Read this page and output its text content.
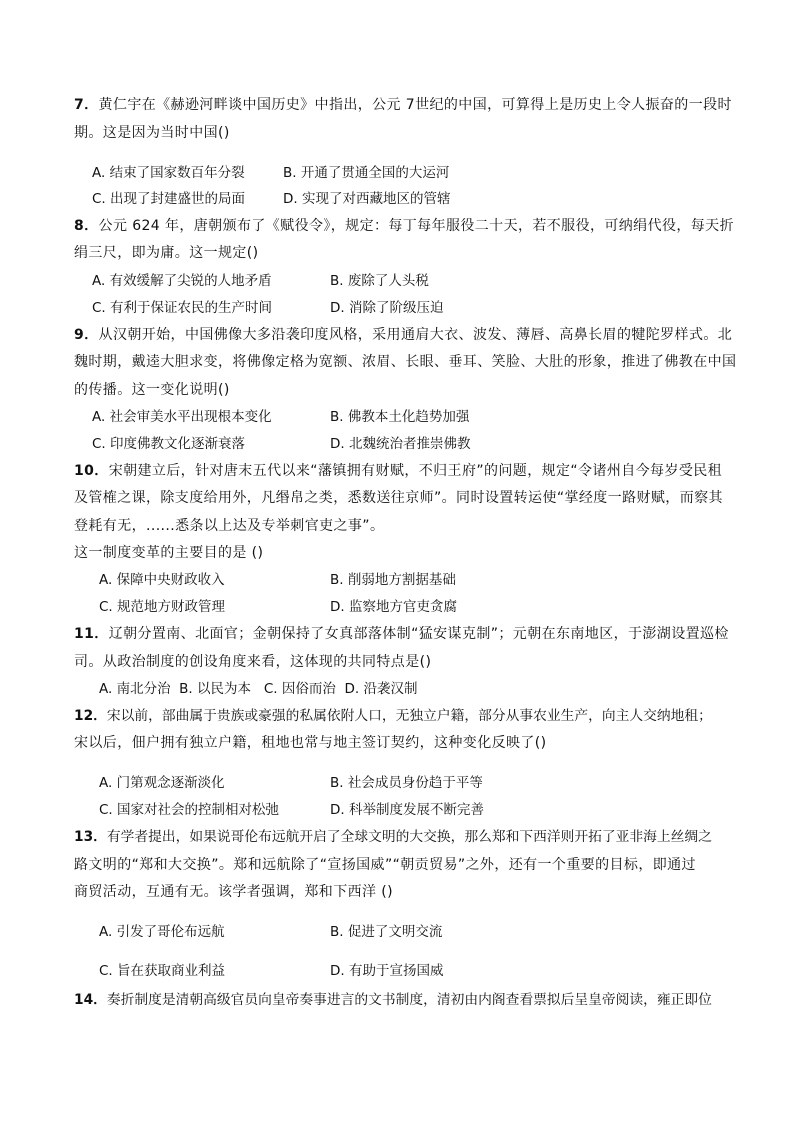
7．黄仁宇在《赫逊河畔谈中国历史》中指出，公元 7世纪的中国，可算得上是历史上令人振奋的一段时
期。这是因为当时中国()
A. 结束了国家数百年分裂	B. 开通了贯通全国的大运河
C. 出现了封建盛世的局面	D. 实现了对西藏地区的管辖
8．公元 624 年，唐朝颁布了《赋役令》，规定：每丁每年服役二十天，若不服役，可纳绢代役，每天折
绢三尺，即为庸。这一规定()
A. 有效缓解了尖锐的人地矛盾	B. 废除了人头税
C. 有利于保证农民的生产时间	D. 消除了阶级压迫
9．从汉朝开始，中国佛像大多沿袭印度风格，采用通肩大衣、波发、薄唇、高鼻长眉的犍陀罗样式。北
魏时期，戴逵大胆求变，将佛像定格为宽额、浓眉、长眼、垂耳、笑脸、大肚的形象，推进了佛教在中国
的传播。这一变化说明()
A. 社会审美水平出现根本变化	B. 佛教本土化趋势加强
C. 印度佛教文化逐渐衰落	D. 北魏统治者推崇佛教
10．宋朝建立后，针对唐末五代以来“藩镇拥有财赋，不归王府”的问题，规定“令诸州自今每岁受民租
及管榷之课，除支度给用外，凡缗帛之类，悉数送往京师”。同时设置转运使“掌经度一路财赋，而察其
登耗有无，......悉条以上达及专举刺官吏之事”。
这一制度变革的主要目的是 ()
A. 保障中央财政收入	B. 削弱地方割据基础
C. 规范地方财政管理	D. 监察地方官吏贪腐
11．辽朝分置南、北面官；金朝保持了女真部落体制“猛安谋克制”；元朝在东南地区，于澎湖设置巡检
司。从政治制度的创设角度来看，这体现的共同特点是()
A. 南北分治  B. 以民为本   C. 因俗而治  D. 沿袭汉制
12．宋以前，部曲属于贵族或豪强的私属依附人口，无独立户籍，部分从事农业生产，向主人交纳地租；
宋以后，佃户拥有独立户籍，租地也常与地主签订契约，这种变化反映了()
A. 门第观念逐渐淡化	B. 社会成员身份趋于平等
C. 国家对社会的控制相对松弛	D. 科举制度发展不断完善
13．有学者提出，如果说哥伦布远航开启了全球文明的大交换，那么郑和下西洋则开拓了亚非海上丝绸之
路文明的“郑和大交换”。郑和远航除了“宣扬国威”“朝贡贸易”之外，还有一个重要的目标，即通过
商贸活动，互通有无。该学者强调，郑和下西洋 ()
A. 引发了哥伦布远航	B. 促进了文明交流
C. 旨在获取商业利益	D. 有助于宣扬国威
14．奏折制度是清朝高级官员向皇帝奏事进言的文书制度，清初由内阁查看票拟后呈皇帝阅读，雍正即位
